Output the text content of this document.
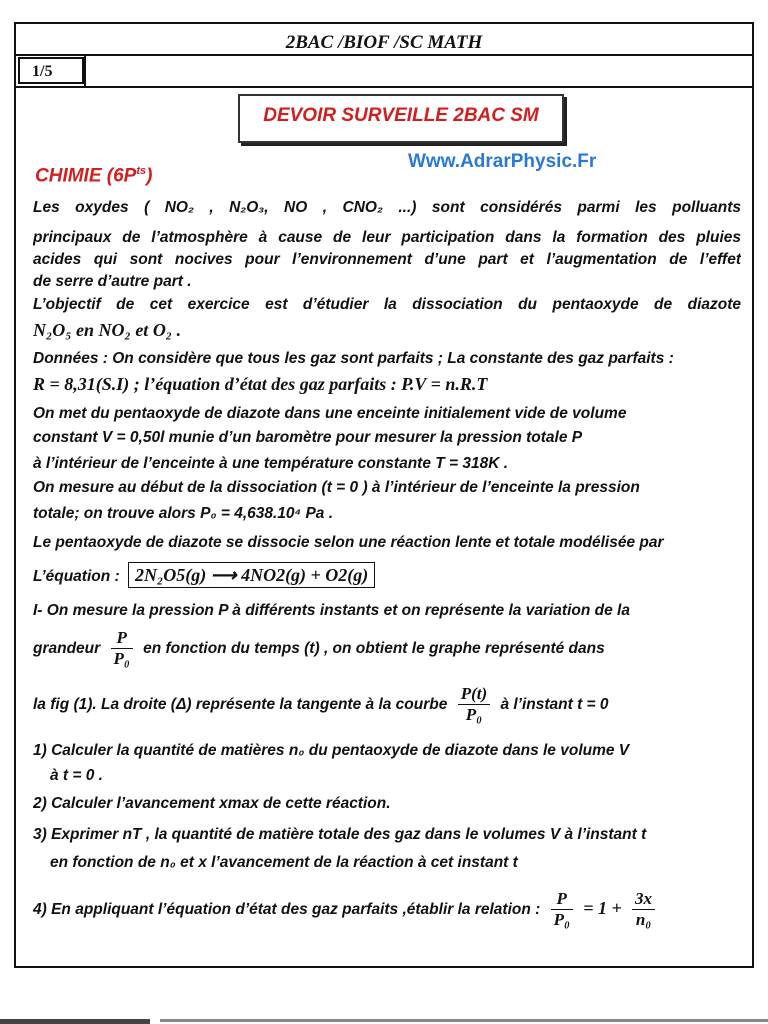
2BAC /BIOF /SC MATH
1/5
DEVOIR SURVEILLE 2BAC SM
Www.AdrarPhysic.Fr
CHIMIE $(6P^{ts})$
Les oxydes ( NO₂ , N₂O₃, NO , CNO₂ ...) sont considérés parmi les polluants
principaux de l’atmosphère à cause de leur participation dans la formation des pluies
acides qui sont nocives pour l’environnement d’une part et l’augmentation de l’effet
de serre d’autre part .
L’objectif de cet exercice est d’étudier la dissociation du pentaoxyde de diazote
N₂O₅ en NO₂ et O₂ .
Données : On considère que tous les gaz sont parfaits ; La constante des gaz parfaits :
R = 8,31(S.I) ; l’équation d’état des gaz parfaits : P.V = n.R.T
On met du pentaoxyde de diazote dans une enceinte initialement vide de volume
constant V = 0,50l munie d’un baromètre pour mesurer la pression totale P
à l’intérieur de l’enceinte à une température constante T = 318K .
On mesure au début de la dissociation (t = 0 ) à l’intérieur de l’enceinte la pression
totale; on trouve alors P₀ = 4,638.10⁴ Pa .
Le pentaoxyde de diazote se dissocie selon une réaction lente et totale modélisée par
L’équation : 2N₂O5(g) ⟶ 4NO2(g) + O2(g)
I- On mesure la pression P à différents instants et on représente la variation de la
grandeur $\frac{P}{\text{P₀}}$ en fonction du temps (t) , on obtient le graphe représenté dans
la fig (1). La droite (Δ) représente la tangente à la courbe $\frac{P(t)}{\text{P₀}}$ à l’instant t = 0
1) Calculer la quantité de matières n₀ du pentaoxyde de diazote dans le volume V
à t = 0 .
2) Calculer l’avancement xmax de cette réaction.
3) Exprimer nT , la quantité de matière totale des gaz dans le volumes V à l’instant t
en fonction de n₀ et x l’avancement de la réaction à cet instant t
4) En appliquant l’équation d’état des gaz parfaits ,établir la relation : $\frac{P}{\text{P₀}} = 1 + \frac{3x}{\text{n₀}}$
